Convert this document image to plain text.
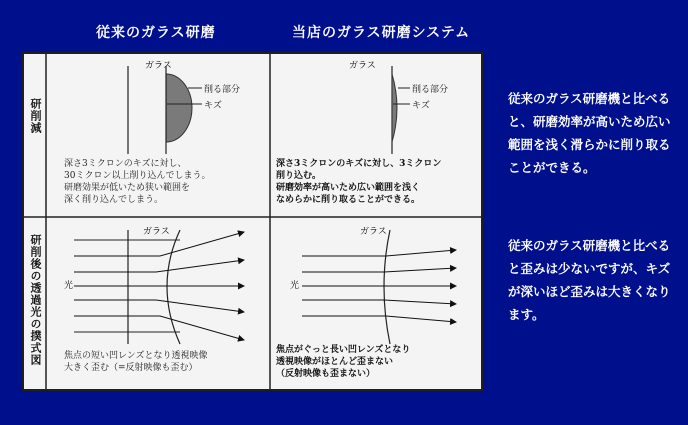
従来のガラス研磨	当店のガラス研磨システム
研削減
研削後の透過光の撲式図
ガラス
削る部分
キズ
ガラス
削る部分
キズ
ガラス
光
ガラス
光
深さ3ミクロンのキズに対し、
30ミクロン以上削り込んでしまう。
研磨効果が低いため狭い範囲を
深く削り込んでしまう。
深さ3ミクロンのキズに対し、3ミクロン
削り込む。
研磨効率が高いため広い範囲を浅く
なめらかに削り取ることができる。
焦点の短い凹レンズとなり透視映像
大きく歪む（=反射映像も歪む）
焦点がぐっと長い凹レンズとなり
透視映像がほとんど歪まない
（反射映像も歪まない）
従来のガラス研磨機と比べると、研磨効率が高いため広い範囲を浅く滑らかに削り取ることができる。
従来のガラス研磨機と比べると歪みは少ないですが、キズが深いほど歪みは大きくなります。
